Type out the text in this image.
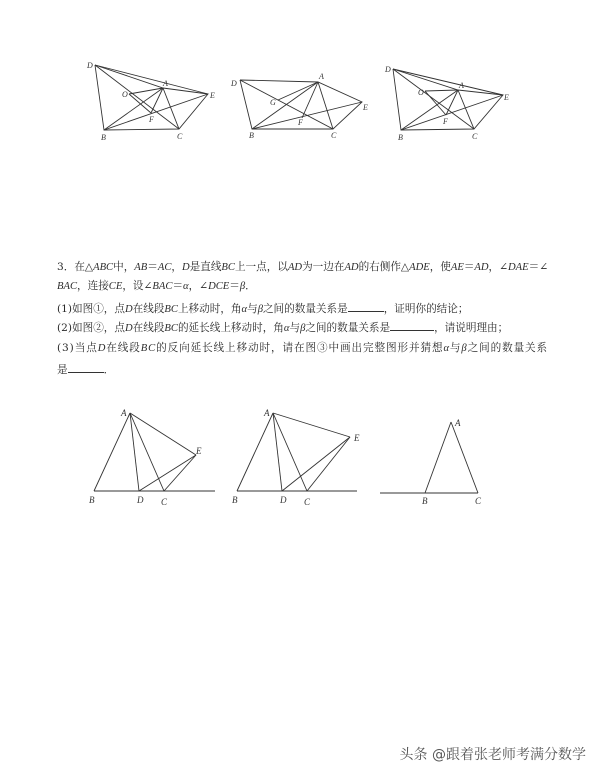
D
A
O	E
F
B	C
D
A
G
E
F
B	C
D
A
O
E
F
B	C
3．在△ABC中，AB＝AC，D是直线BC上一点，以AD为一边在AD的右侧作△ADE，使AE＝AD，∠DAE＝∠
BAC，连接CE，设∠BAC＝α，∠DCE＝β．
(1)如图①，点D在线段BC上移动时，角α与β之间的数量关系是	，证明你的结论；
(2)如图②，点D在线段BC的延长线上移动时，角α与β之间的数量关系是	，请说明理由；
(3)当点D在线段BC的反向延长线上移动时，请在图③中画出完整图形并猜想α与β之间的数量关系
是	．
A
E
B	D C
A
E
B	D C
A
B	C
头条 @跟着张老师考满分数学
